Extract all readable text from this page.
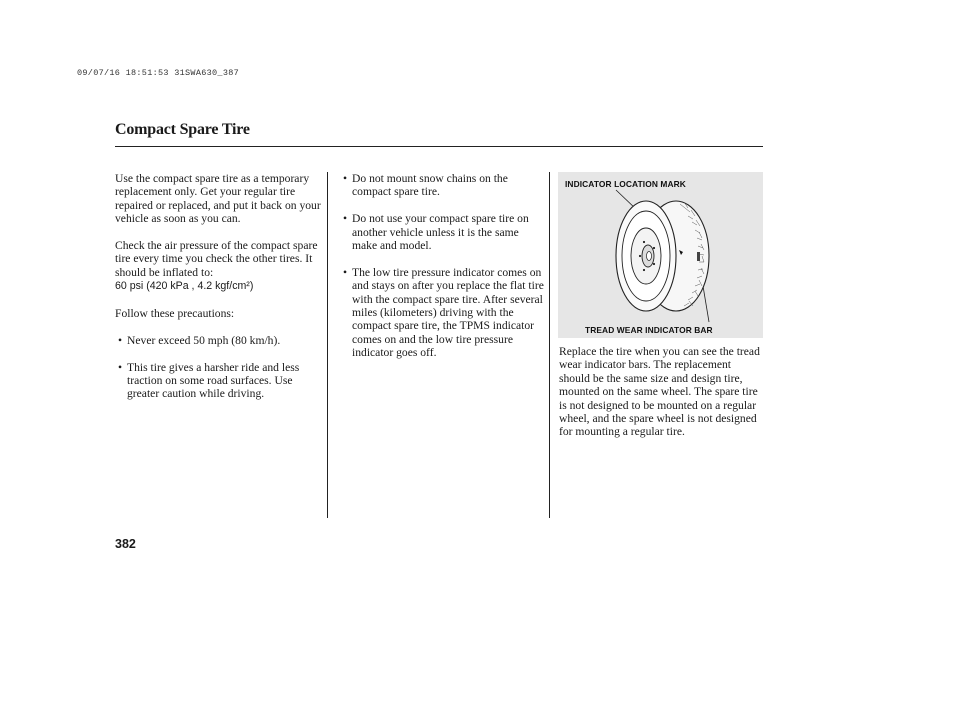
09/07/16 18:51:53 31SWA630_387
Compact Spare Tire

Use the compact spare tire as a temporary replacement only. Get your regular tire repaired or replaced, and put it back on your vehicle as soon as you can.

Check the air pressure of the compact spare tire every time you check the other tires. It should be inflated to:
60 psi (420 kPa , 4.2 kgf/cm²)

Follow these precautions:

• Never exceed 50 mph (80 km/h).
• This tire gives a harsher ride and less traction on some road surfaces. Use greater caution while driving.
• Do not mount snow chains on the compact spare tire.
• Do not use your compact spare tire on another vehicle unless it is the same make and model.
• The low tire pressure indicator comes on and stays on after you replace the flat tire with the compact spare tire. After several miles (kilometers) driving with the compact spare tire, the TPMS indicator comes on and the low tire pressure indicator goes off.
INDICATOR LOCATION MARK
TREAD WEAR INDICATOR BAR

Replace the tire when you can see the tread wear indicator bars. The replacement should be the same size and design tire, mounted on the same wheel. The spare tire is not designed to be mounted on a regular wheel, and the spare wheel is not designed for mounting a regular tire.

382
